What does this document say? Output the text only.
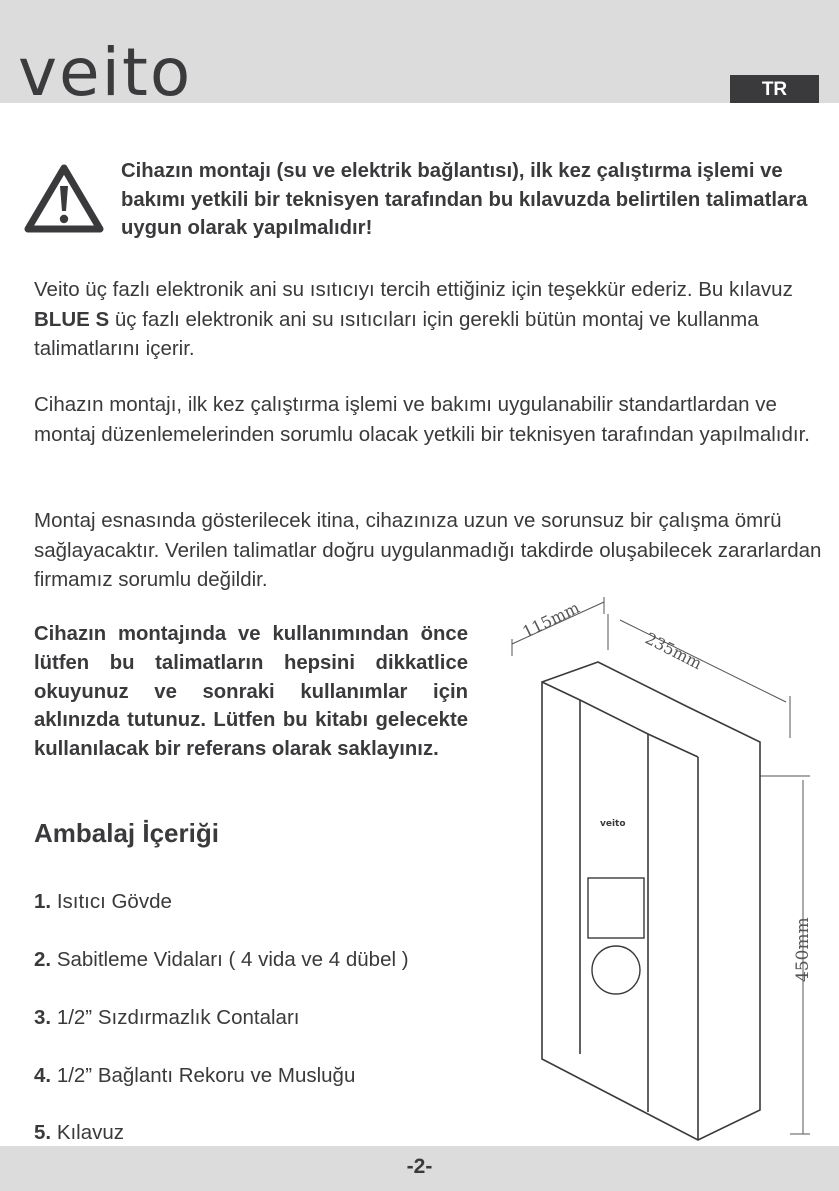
veito	TR
Cihazın montajı (su ve elektrik bağlantısı), ilk kez çalıştırma işlemi ve bakımı yetkili bir teknisyen tarafından bu kılavuzda belirtilen talimatlara uygun olarak yapılmalıdır!
Veito üç fazlı elektronik ani su ısıtıcıyı tercih ettiğiniz için teşekkür ederiz. Bu kılavuz BLUE S üç fazlı elektronik ani su ısıtıcıları için gerekli bütün montaj ve kullanma talimatlarını içerir.
Cihazın montajı, ilk kez çalıştırma işlemi ve bakımı uygulanabilir standartlardan ve montaj düzenlemelerinden sorumlu olacak yetkili bir teknisyen tarafından yapılmalıdır.
Montaj esnasında gösterilecek itina, cihazınıza uzun ve sorunsuz bir çalışma ömrü sağlayacaktır. Verilen talimatlar doğru uygulanmadığı takdirde oluşabilecek zararlardan firmamız sorumlu değildir.
Cihazın montajında ve kullanımından önce lütfen bu talimatların hepsini dikkatlice okuyunuz ve sonraki kullanımlar için aklınızda tutunuz. Lütfen bu kitabı gelecekte kullanılacak bir referans olarak saklayınız.
Ambalaj İçeriği
1. Isıtıcı Gövde
2. Sabitleme Vidaları ( 4 vida ve 4 dübel )
3. 1/2” Sızdırmazlık Contaları
4. 1/2” Bağlantı Rekoru ve Musluğu
5. Kılavuz
115mm
235mm
450mm
veito
-2-
